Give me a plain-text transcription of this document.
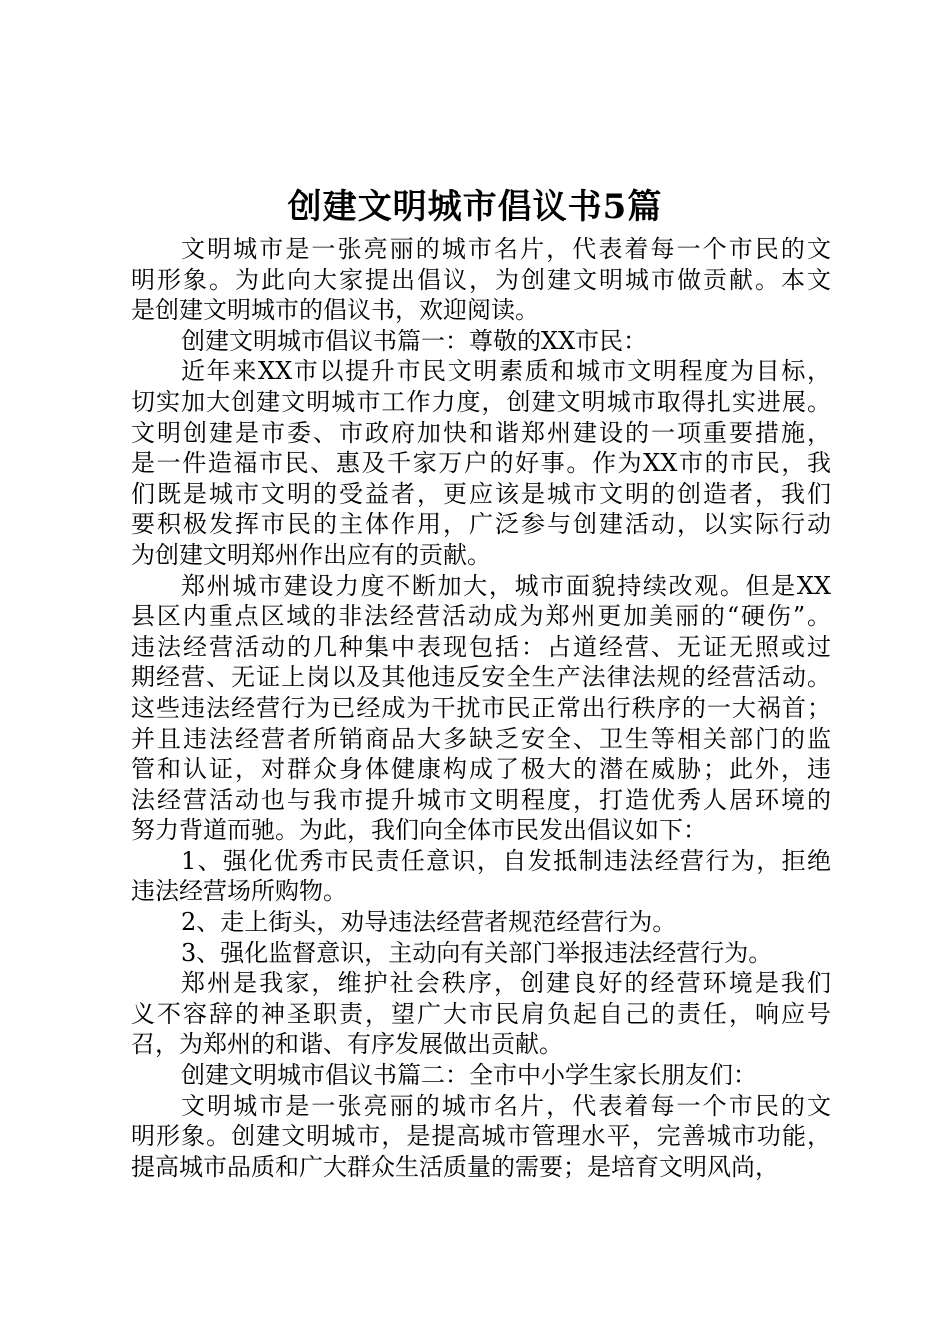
创建文明城市倡议书5篇
文明城市是一张亮丽的城市名片，代表着每一个市民的文
明形象。为此向大家提出倡议，为创建文明城市做贡献。本文
是创建文明城市的倡议书，欢迎阅读。
创建文明城市倡议书篇一：尊敬的XX市民：
近年来XX市以提升市民文明素质和城市文明程度为目标，
切实加大创建文明城市工作力度，创建文明城市取得扎实进展。
文明创建是市委、市政府加快和谐郑州建设的一项重要措施，
是一件造福市民、惠及千家万户的好事。作为XX市的市民，我
们既是城市文明的受益者，更应该是城市文明的创造者，我们
要积极发挥市民的主体作用，广泛参与创建活动，以实际行动
为创建文明郑州作出应有的贡献。
郑州城市建设力度不断加大，城市面貌持续改观。但是XX
县区内重点区域的非法经营活动成为郑州更加美丽的“硬伤”。
违法经营活动的几种集中表现包括：占道经营、无证无照或过
期经营、无证上岗以及其他违反安全生产法律法规的经营活动。
这些违法经营行为已经成为干扰市民正常出行秩序的一大祸首；
并且违法经营者所销商品大多缺乏安全、卫生等相关部门的监
管和认证，对群众身体健康构成了极大的潜在威胁；此外，违
法经营活动也与我市提升城市文明程度，打造优秀人居环境的
努力背道而驰。为此，我们向全体市民发出倡议如下：
1、强化优秀市民责任意识，自发抵制违法经营行为，拒绝
违法经营场所购物。
2、走上街头，劝导违法经营者规范经营行为。
3、强化监督意识，主动向有关部门举报违法经营行为。
郑州是我家，维护社会秩序，创建良好的经营环境是我们
义不容辞的神圣职责，望广大市民肩负起自己的责任，响应号
召，为郑州的和谐、有序发展做出贡献。
创建文明城市倡议书篇二：全市中小学生家长朋友们：
文明城市是一张亮丽的城市名片，代表着每一个市民的文
明形象。创建文明城市，是提高城市管理水平，完善城市功能，
提高城市品质和广大群众生活质量的需要；是培育文明风尚，
